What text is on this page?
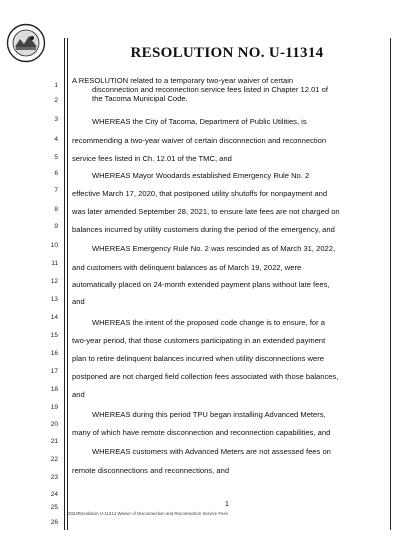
RESOLUTION NO. U-11314
1
2
3
4
5
6
7
8
9
10
11
12
13
14
15
16
17
18
19
20
21
22
23
24
25
26
A RESOLUTION related to a temporary two-year waiver of certain
disconnection and reconnection service fees listed in Chapter 12.01 of
the Tacoma Municipal Code.
WHEREAS the City of Tacoma, Department of Public Utilities, is
recommending a two-year waiver of certain disconnection and reconnection
service fees listed in Ch. 12.01 of the TMC, and
WHEREAS Mayor Woodards established Emergency Rule No. 2
effective March 17, 2020, that postponed utility shutoffs for nonpayment and
was later amended September 28, 2021, to ensure late fees are not charged on
balances incurred by utility customers during the period of the emergency, and
WHEREAS Emergency Rule No. 2 was rescinded as of March 31, 2022,
and customers with delinquent balances as of March 19, 2022, were
automatically placed on 24-month extended payment plans without late fees,
and
WHEREAS the intent of the proposed code change is to ensure, for a
two-year period, that those customers participating in an extended payment
plan to retire delinquent balances incurred when utility disconnections were
postponed are not charged field collection fees associated with those balances,
and
WHEREAS during this period TPU began installing Advanced Meters,
many of which have remote disconnection and reconnection capabilities, and
WHEREAS customers with Advanced Meters are not assessed fees on
remote disconnections and reconnections, and
1
2022Resolution U-11314 Waiver of Disconnection and Reconnection Service Fees
